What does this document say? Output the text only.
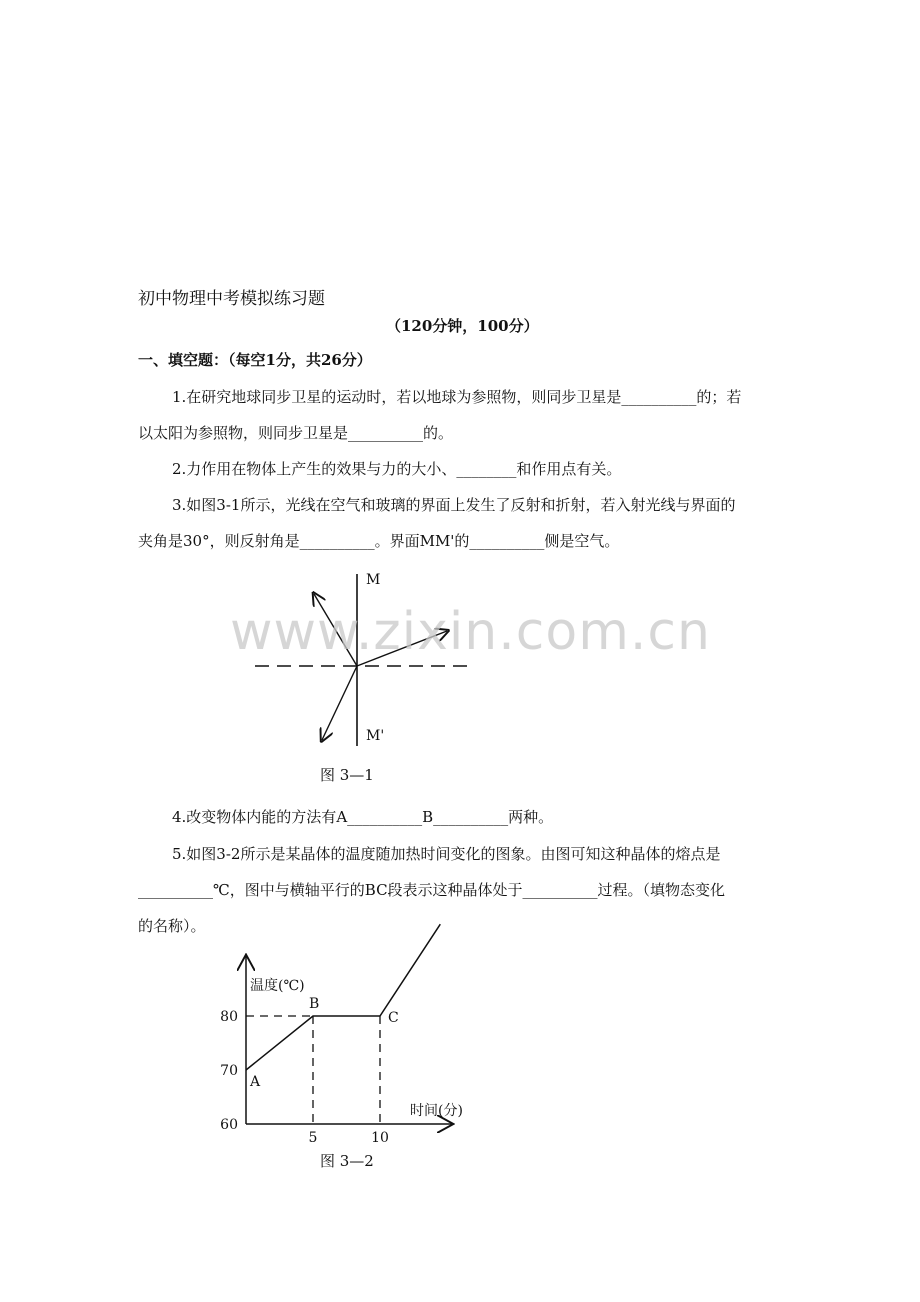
初中物理中考模拟练习题
（120分钟，100分）
一、填空题：（每空1分，共26分）
1.在研究地球同步卫星的运动时，若以地球为参照物，则同步卫星是__________的；若
以太阳为参照物，则同步卫星是__________的。
2.力作用在物体上产生的效果与力的大小、________和作用点有关。
3.如图3-1所示，光线在空气和玻璃的界面上发生了反射和折射，若入射光线与界面的
夹角是30°，则反射角是__________。界面MM'的__________侧是空气。
M
M'
图 3—1
www.zixin.com.cn
4.改变物体内能的方法有A__________B__________两种。
5.如图3-2所示是某晶体的温度随加热时间变化的图象。由图可知这种晶体的熔点是
__________℃，图中与横轴平行的BC段表示这种晶体处于__________过程。（填物态变化
的名称）。
温度(℃)
时间(分)
60
70
80
5	10
A
B
C
图 3—2
